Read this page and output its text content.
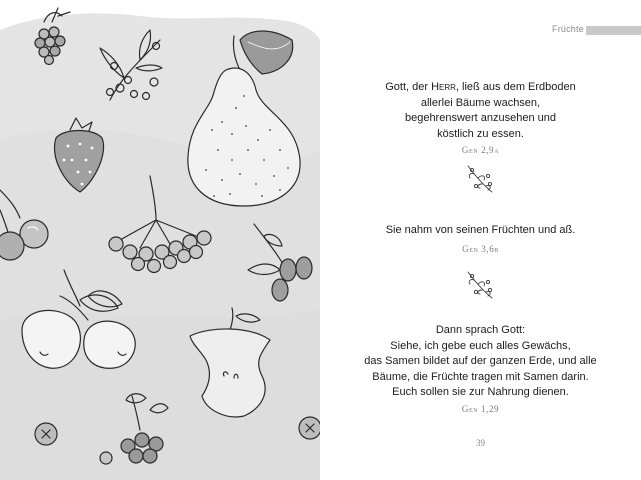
Früchte
Gott, der Herr, ließ aus dem Erdboden
allerlei Bäume wachsen,
begehrenswert anzusehen und
köstlich zu essen.
Gen 2,9a
Sie nahm von seinen Früchten und aß.
Gen 3,6b
Dann sprach Gott:
Siehe, ich gebe euch alles Gewächs,
das Samen bildet auf der ganzen Erde, und alle
Bäume, die Früchte tragen mit Samen darin.
Euch sollen sie zur Nahrung dienen.
Gen 1,29
39
